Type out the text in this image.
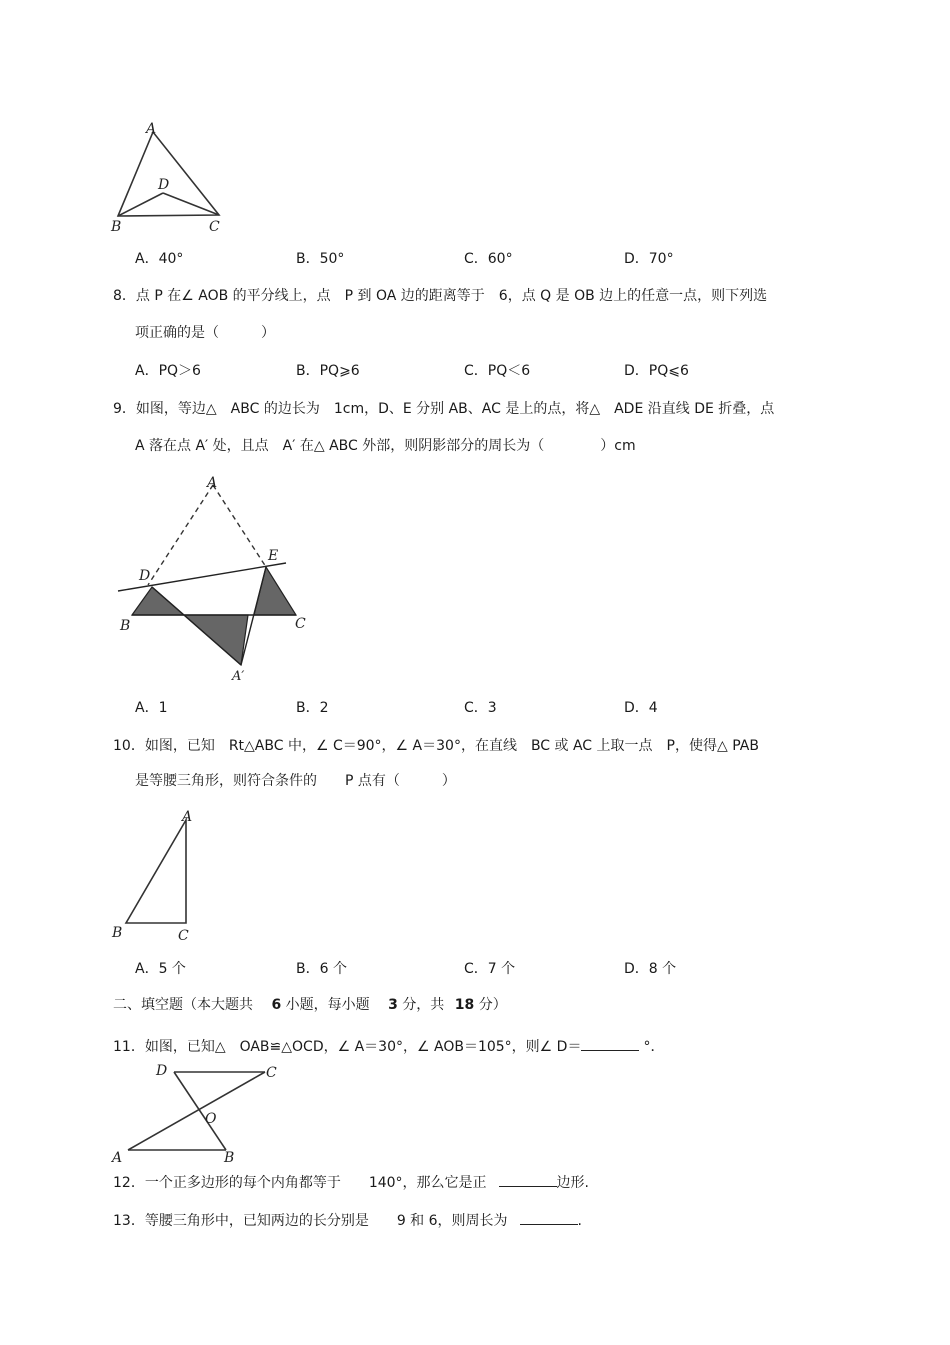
A
D
B	C
A．40°	B．50°	C．60°	D．70°
8．点 P 在∠ AOB 的平分线上，点　P 到 OA 边的距离等于　6，点 Q 是 OB 边上的任意一点，则下列选
项正确的是（　　　）
A．PQ＞6	B．PQ⩾6	C．PQ＜6	D．PQ⩽6
9．如图，等边△　ABC 的边长为　1cm，D、E 分别 AB、AC 是上的点，将△　ADE 沿直线 DE 折叠，点
A 落在点 A′ 处，且点　A′ 在△ ABC 外部，则阴影部分的周长为（　　　　）cm
A
D
E
B	C
A′
A．1	B．2	C．3	D．4
10．如图，已知　Rt△ABC 中，∠ C＝90°，∠ A＝30°，在直线　BC 或 AC 上取一点　P，使得△ PAB
是等腰三角形，则符合条件的　　P 点有（　　　）
A
B	C
A．5 个	B．6 个	C．7 个	D．8 个
二、填空题（本大题共 6 小题，每小题 3 分，共 18 分）
11．如图，已知△　OAB≌△OCD，∠ A＝30°，∠ AOB＝105°，则∠ D＝	°．
D	C
O
A	B
12．一个正多边形的每个内角都等于　　140°，那么它是正	边形.
13．等腰三角形中，已知两边的长分别是　　9 和 6，则周长为	.
